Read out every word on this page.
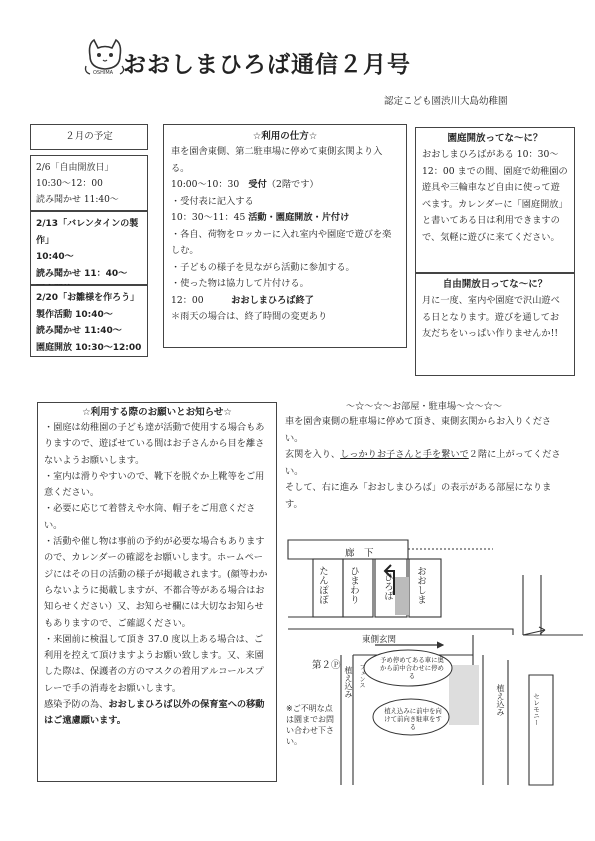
OSHIMA おおしまひろば通信２月号
認定こども園渋川大島幼稚園
２月の予定
2/6「自由開放日」
10:30～12：00
読み聞かせ 11:40～
2/13「バレンタインの製作」
10:40～
読み聞かせ 11：40～

2/20「お雛様を作ろう」
製作活動 10:40～
読み聞かせ 11:40～
園庭開放 10:30～12:00
☆利用の仕方☆
車を園舎東側、第二駐車場に停めて東側玄関より入る。
10:00～10：30　 受付（2階です）
・受付表に記入する
10：30～11：45 活動・園庭開放・片付け
・各自、荷物をロッカーに入れ室内や園庭で遊びを楽しむ。
・子どもの様子を見ながら活動に参加する。
・使った物は協力して片付ける。
12：00　　　	おおしまひろば終了
＊雨天の場合は、終了時間の変更あり
園庭開放ってな～に？
おおしまひろばがある 10：30～12：00 までの間、園庭で幼稚園の遊具や三輪車など自由に使って遊べます。カレンダーに「園庭開放」と書いてある日は利用できますので、気軽に遊びに来てください。
自由開放日ってな～に？
月に一度、室内や園庭で沢山遊べる日となります。遊びを通してお友だちをいっぱい作りませんか!!
☆利用する際のお願いとお知らせ☆
・園庭は幼稚園の子ども達が活動で使用する場合もありますので、遊ばせている間はお子さんから目を離さないようお願いします。
・室内は滑りやすいので、靴下を脱ぐか上靴等をご用意ください。
・必要に応じて着替えや水筒、帽子をご用意ください。
・活動や催し物は事前の予約が必要な場合もありますので、カレンダーの確認をお願いします。ホームページにはその日の活動の様子が掲載されます。(顔等わからないように掲載しますが、不都合等がある場合はお知らせください）又、お知らせ欄には大切なお知らせもありますので、ご確認ください。
・来園前に検温して頂き 37.0 度以上ある場合は、ご利用を控えて頂けますようお願い致します。又、来園した際は、保護者の方のマスクの着用アルコールスプレーで手の消毒をお願いします。
感染予防の為、おおしまひろば以外の保育室への移動はご遠慮願います。
～☆～☆～お部屋・駐車場～☆～☆～
車を園舎東側の駐車場に停めて頂き、東側玄関からお入りください。
玄関を入り、しっかりお子さんと手を繋いで２階に上がってください。
そして、右に進み「おおしまひろば」の表示がある部屋になります。
廊　下
たんぽぽ ひまわり ひろば おおしま
東側玄関
第２Ⓟ	フェンス
植え込み
植え込み	セレモニー
予め停めてある車に奥から前中合わせに停める
植え込みに前中を向けて前向き駐車をする
※ご不明な点は園までお問い合わせ下さい。
